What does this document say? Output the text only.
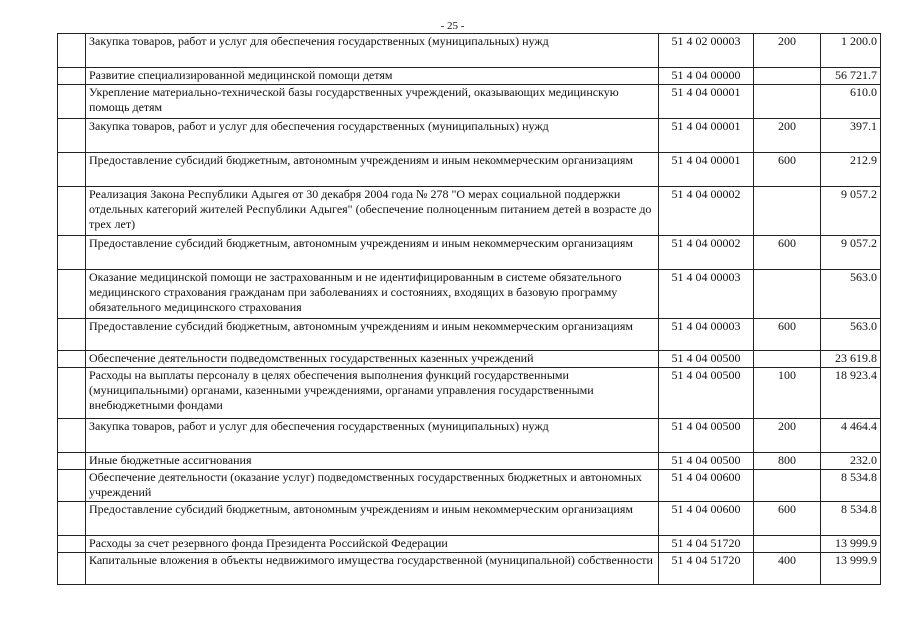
- 25 -
	Закупка товаров, работ и услуг для обеспечения государственных (муниципальных) нужд	51 4 02 00003	200	1 200.0
	Развитие специализированной медицинской помощи детям	51 4 04 00000		56 721.7
	Укрепление материально-технической базы государственных учреждений, оказывающих медицинскую помощь детям	51 4 04 00001		610.0
	Закупка товаров, работ и услуг для обеспечения государственных (муниципальных) нужд	51 4 04 00001	200	397.1
	Предоставление субсидий бюджетным, автономным учреждениям и иным некоммерческим организациям	51 4 04 00001	600	212.9
	Реализация Закона Республики Адыгея от 30 декабря 2004 года № 278 "О мерах социальной поддержки отдельных категорий жителей Республики Адыгея" (обеспечение полноценным питанием детей в возрасте до трех лет)	51 4 04 00002		9 057.2
	Предоставление субсидий бюджетным, автономным учреждениям и иным некоммерческим организациям	51 4 04 00002	600	9 057.2
	Оказание медицинской помощи не застрахованным и не идентифицированным в системе обязательного медицинского страхования гражданам при заболеваниях и состояниях, входящих в базовую программу обязательного медицинского страхования	51 4 04 00003		563.0
	Предоставление субсидий бюджетным, автономным учреждениям и иным некоммерческим организациям	51 4 04 00003	600	563.0
	Обеспечение деятельности подведомственных государственных казенных учреждений	51 4 04 00500		23 619.8
	Расходы на выплаты персоналу в целях обеспечения выполнения функций государственными (муниципальными) органами, казенными учреждениями, органами управления государственными внебюджетными фондами	51 4 04 00500	100	18 923.4
	Закупка товаров, работ и услуг для обеспечения государственных (муниципальных) нужд	51 4 04 00500	200	4 464.4
	Иные бюджетные ассигнования	51 4 04 00500	800	232.0
	Обеспечение деятельности (оказание услуг) подведомственных государственных бюджетных и автономных учреждений	51 4 04 00600		8 534.8
	Предоставление субсидий бюджетным, автономным учреждениям и иным некоммерческим организациям	51 4 04 00600	600	8 534.8
	Расходы за счет резервного фонда Президента Российской Федерации	51 4 04 51720		13 999.9
	Капитальные вложения в объекты недвижимого имущества государственной (муниципальной) собственности	51 4 04 51720	400	13 999.9
